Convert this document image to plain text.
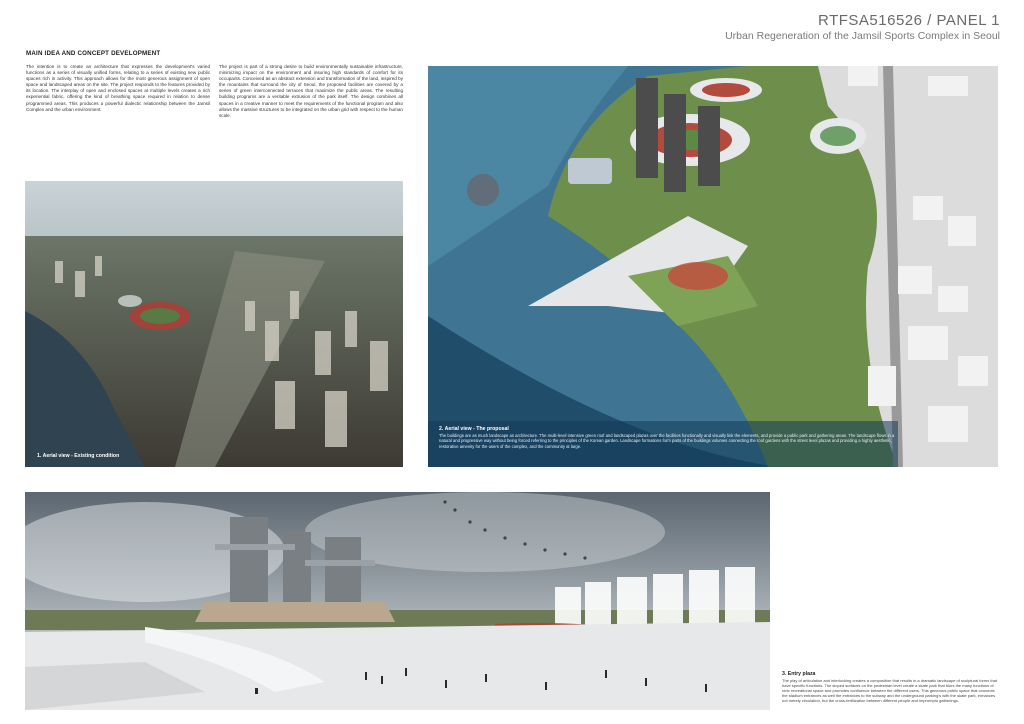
RTFSA516526 / PANEL 1
Urban Regeneration of the Jamsil Sports Complex in Seoul
MAIN IDEA AND CONCEPT DEVELOPMENT
The intention is to create an architecture that expresses the development's varied functions as a series of visually unified forms, relating to a series of existing new public spaces rich in activity. This approach allows for the most generous assignment of open space and landscaped areas on the site. The project responds to the features provided by its location. The interplay of open and enclosed spaces at multiple levels creates a rich experiential fabric, offering the kind of breathing space required in relation to dense programmed areas. This produces a powerful dialectic relationship between the Jamsil Complex and the urban environment.
The project is part of a strong desire to build environmentally sustainable infrastructure, minimizing impact on the environment and insuring high standards of comfort for its occupants. Conceived as an abstract extension and transformation of the land, inspired by the mountains that surround the city of Seoul, the proposed facilities are covered by a series of green interconnected terraces that maximize the public areas. The resulting building programs are a veritable extrusion of the park itself. The design combines all spaces in a creative manner to meet the requirements of the functional program and also allows the massive structures to be integrated on the urban grid with respect to the human scale.
1. Aerial view - Existing condition
2. Aerial view - The proposal
The buildings are as much landscape as architecture. The multi-level intensive green roof and landscaped plazas over the facilities functionally and visually link the elements, and provide a public park and gathering areas. The landscape flows in a natural and progressive way without being forced referring to the principles of the Korean garden. Landscape formations form parts of the buildings volumes connecting the roof gardens with the street level plazas and providing a highly aesthetic, restorative amenity for the users of the complex, and the community at large.
3. Entry plaza
The play of articulation and interlocking creates a composition that results in a dramatic landscape of sculptural forms that have specific functions. The sloped surfaces on the pedestrian level create a skate park that blurs the many functions of civic recreational space and promotes confluence between the different users. This generous public space that connects the stadium entrances as well the entrances to the subway and the underground parking's with the skate park, enhances not merely circulation, but the cross-fertilization between different people and impromptu gatherings.
